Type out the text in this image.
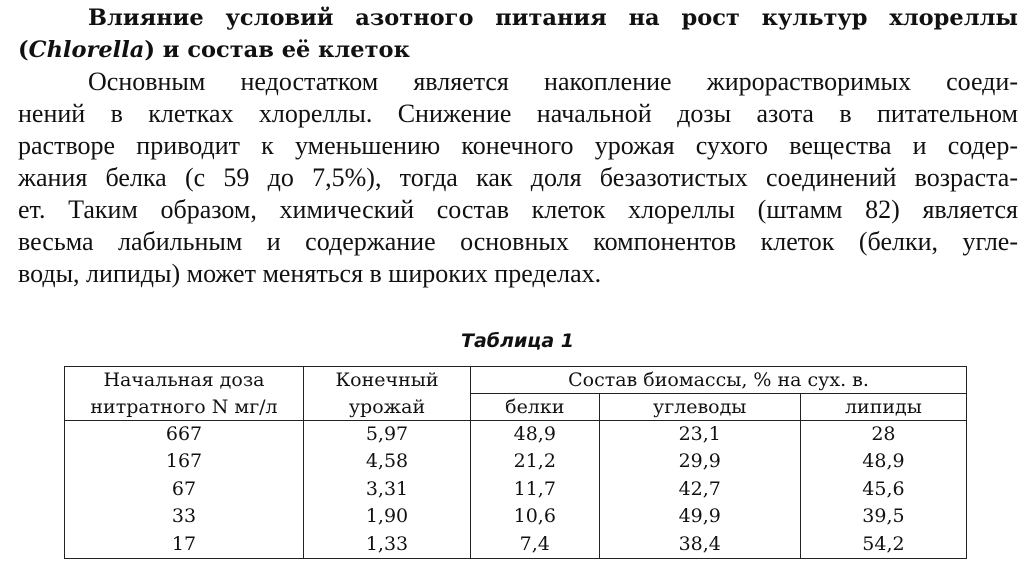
Влияние условий азотного питания на рост культур хлореллы (Chlorella) и состав её клеток
Основным недостатком является накопление жирорастворимых соеди-
нений в клетках хлореллы. Снижение начальной дозы азота в питательном
растворе приводит к уменьшению конечного урожая сухого вещества и содер-
жания белка (с 59 до 7,5%), тогда как доля безазотистых соединений возраста-
ет. Таким образом, химический состав клеток хлореллы (штамм 82) является
весьма лабильным и содержание основных компонентов клеток (белки, угле-
воды, липиды) может меняться в широких пределах.
Таблица 1
Начальная доза	Конечный	Состав биомассы, % на сух. в.		
нитратного N мг/л	урожай	белки	углеводы	липиды
667	5,97	48,9	23,1	28
167	4,58	21,2	29,9	48,9
67	3,31	11,7	42,7	45,6
33	1,90	10,6	49,9	39,5
17	1,33	7,4	38,4	54,2
